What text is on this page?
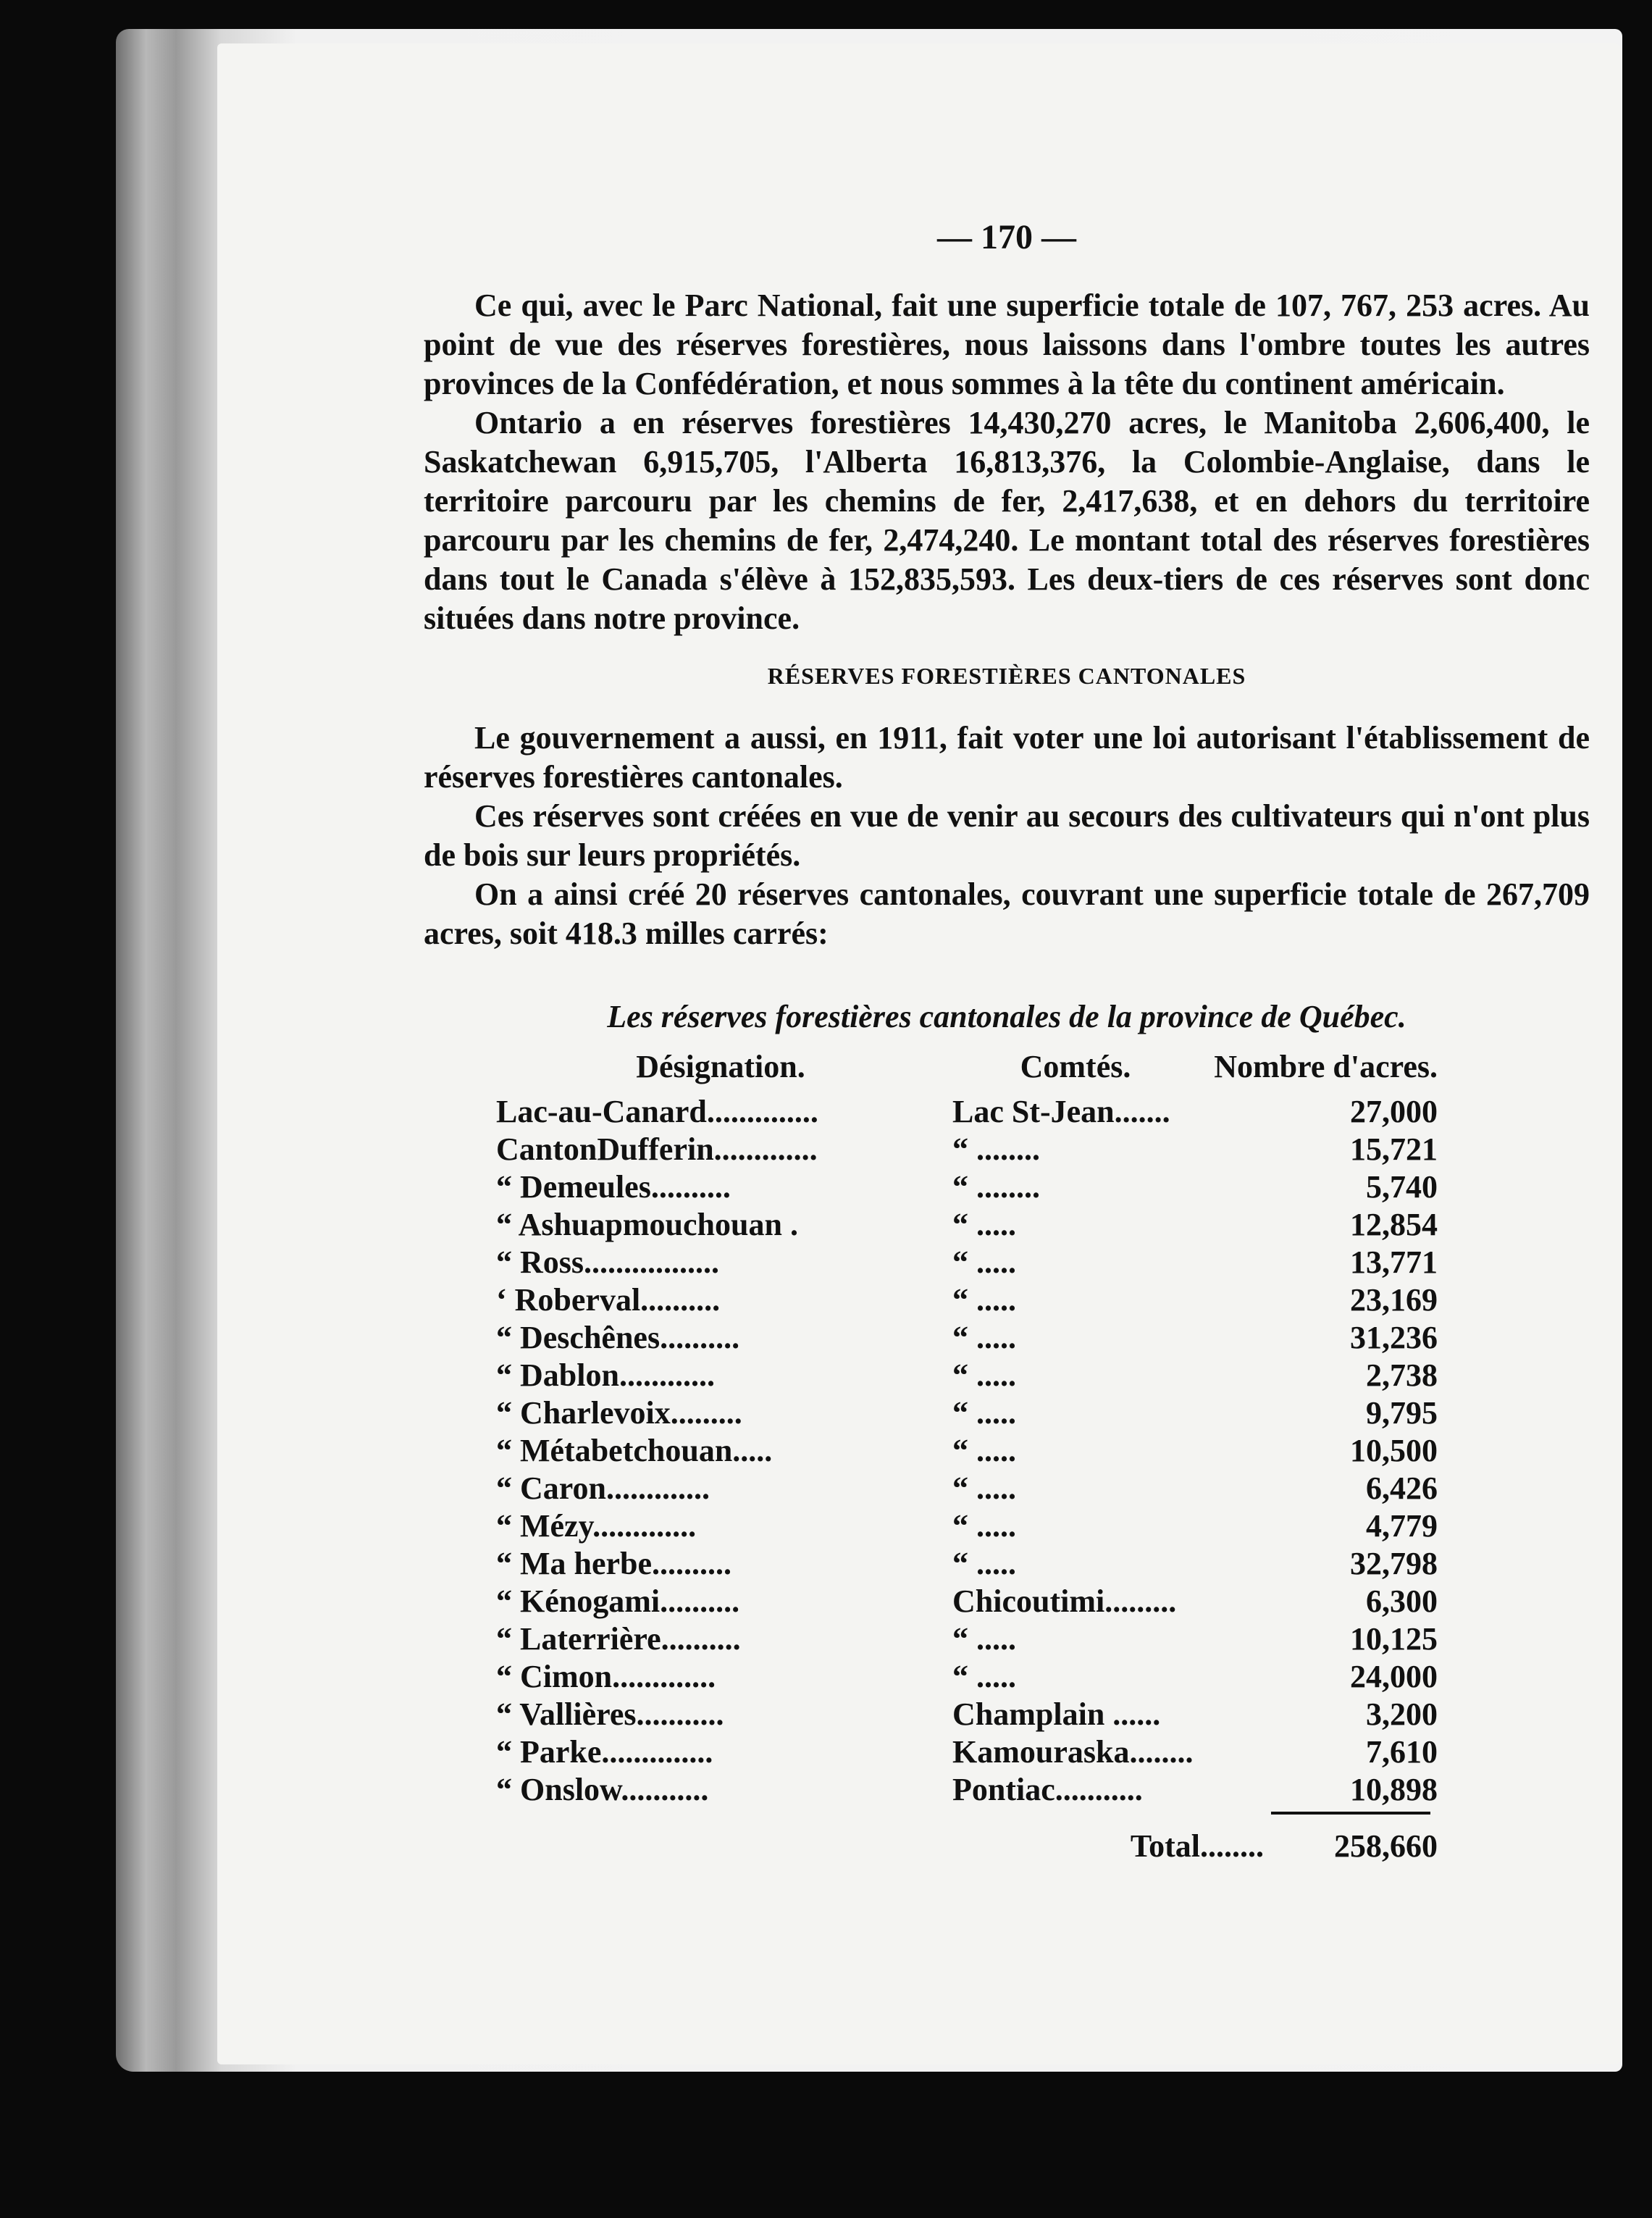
— 170 —

Ce qui, avec le Parc National, fait une superficie totale de 107, 767, 253 acres. Au point de vue des réserves forestières, nous laissons dans l'ombre toutes les autres provinces de la Confédération, et nous sommes à la tête du continent américain.

Ontario a en réserves forestières 14,430,270 acres, le Manitoba 2,606,400, le Saskatchewan 6,915,705, l'Alberta 16,813,376, la Colombie-Anglaise, dans le territoire parcouru par les chemins de fer, 2,417,638, et en dehors du territoire parcouru par les chemins de fer, 2,474,240. Le montant total des réserves forestières dans tout le Canada s'élève à 152,835,593. Les deux-tiers de ces réserves sont donc situées dans notre province.

RÉSERVES FORESTIÈRES CANTONALES

Le gouvernement a aussi, en 1911, fait voter une loi autorisant l'établissement de réserves forestières cantonales.

Ces réserves sont créées en vue de venir au secours des cultivateurs qui n'ont plus de bois sur leurs propriétés.

On a ainsi créé 20 réserves cantonales, couvrant une superficie totale de 267,709 acres, soit 418.3 milles carrés:

Les réserves forestières cantonales de la province de Québec.
Désignation.	Comtés.	Nombre d'acres.
Lac-au-Canard..............	Lac St-Jean.......	27,000
CantonDufferin.............	“ ........	15,721
“ Demeules..........	“ ........	5,740
“ Ashuapmouchouan .	“ .....	12,854
“ Ross.................	“ .....	13,771
‘ Roberval..........	“ .....	23,169
“ Deschênes..........	“ .....	31,236
“ Dablon............	“ .....	2,738
“ Charlevoix.........	“ .....	9,795
“ Métabetchouan.....	“ .....	10,500
“ Caron.............	“ .....	6,426
“ Mézy.............	“ .....	4,779
“ Ma herbe..........	“ .....	32,798
“ Kénogami..........	Chicoutimi.........	6,300
“ Laterrière..........	“ .....	10,125
“ Cimon.............	“ .....	24,000
“ Vallières...........	Champlain ......	3,200
“ Parke..............	Kamouraska........	7,610
“ Onslow...........	Pontiac...........	10,898
Total........	258,660
